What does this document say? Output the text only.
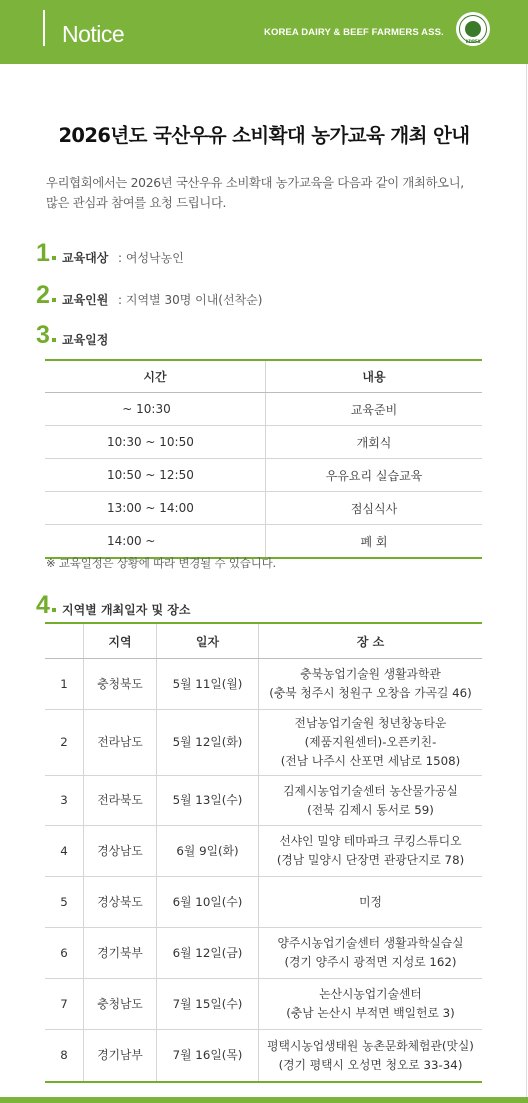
Notice	KOREA DAIRY & BEEF FARMERS ASS.
KDBFA
2026년도 국산우유 소비확대 농가교육 개최 안내
우리협회에서는 2026년 국산우유 소비확대 농가교육을 다음과 같이 개최하오니,
많은 관심과 참여를 요청 드립니다.
1 교육대상 : 여성낙농인
2 교육인원 : 지역별 30명 이내(선착순)
3 교육일정
시간	내용
~ 10:30	교육준비
10:30 ~ 10:50	개회식
10:50 ~ 12:50	우유요리 실습교육
13:00 ~ 14:00	점심식사
14:00 ~	폐 회
※ 교육일정은 상황에 따라 변경될 수 있습니다.
4 지역별 개최일자 및 장소
	지역	일자	장 소
1	충청북도	5월 11일(월)	충북농업기술원 생활과학관
(충북 청주시 청원구 오창읍 가곡길 46)

2	전라남도	5월 12일(화)	전남농업기술원 청년창농타운
(제품지원센터)-오픈키친-
(전남 나주시 산포면 세남로 1508)

3	전라북도	5월 13일(수)	김제시농업기술센터 농산물가공실
(전북 김제시 동서로 59)

4	경상남도	6월 9일(화)	선샤인 밀양 테마파크 쿠킹스튜디오
(경남 밀양시 단장면 관광단지로 78)

5	경상북도	6월 10일(수)	미정

6	경기북부	6월 12일(금)	양주시농업기술센터 생활과학실습실
(경기 양주시 광적면 지성로 162)

7	충청남도	7월 15일(수)	논산시농업기술센터
(충남 논산시 부적면 백일헌로 3)

8	경기남부	7월 16일(목)	평택시농업생태원 농촌문화체험관(맛실)
(경기 평택시 오성면 청오로 33-34)
